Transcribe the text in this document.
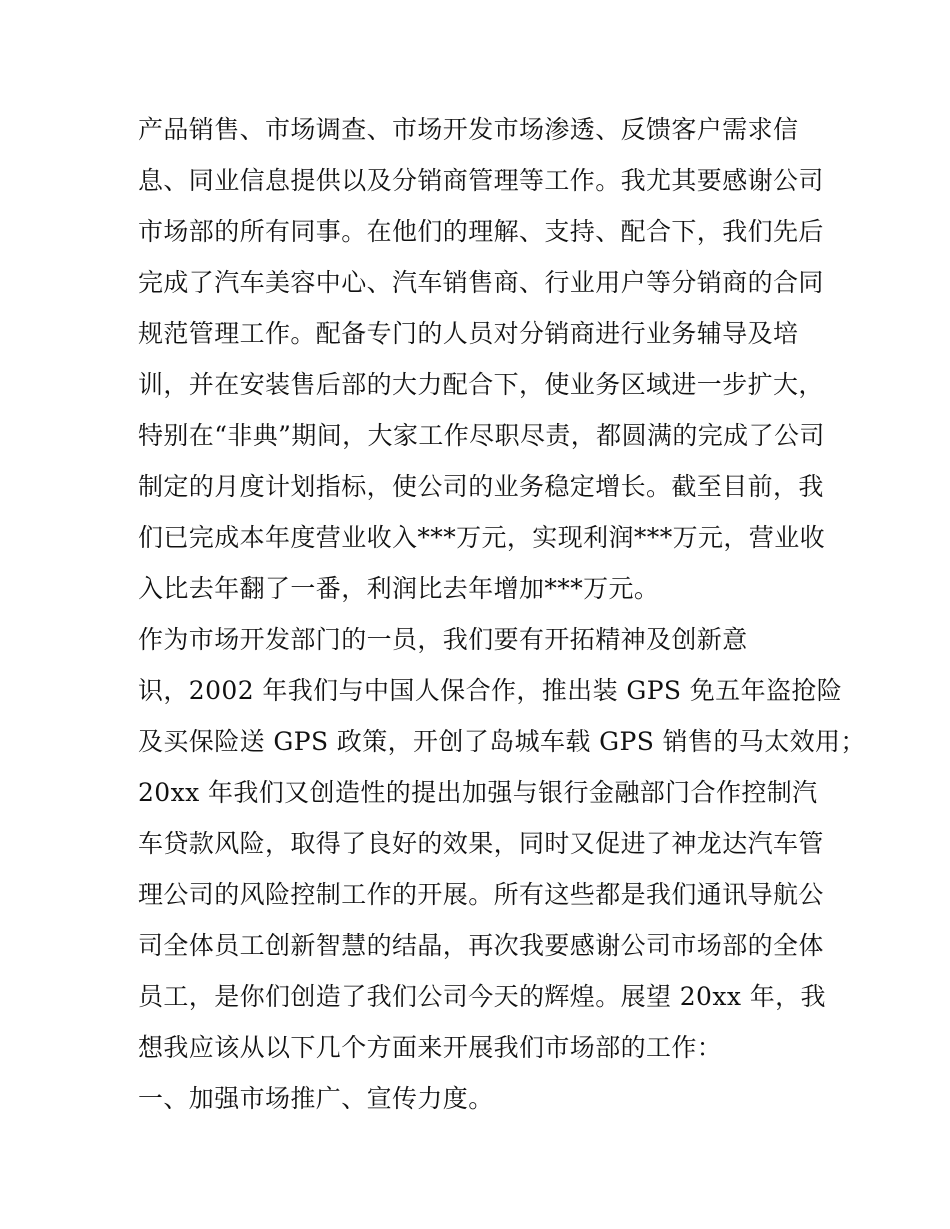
产品销售、市场调查、市场开发市场渗透、反馈客户需求信
息、同业信息提供以及分销商管理等工作。我尤其要感谢公司
市场部的所有同事。在他们的理解、支持、配合下，我们先后
完成了汽车美容中心、汽车销售商、行业用户等分销商的合同
规范管理工作。配备专门的人员对分销商进行业务辅导及培
训，并在安装售后部的大力配合下，使业务区域进一步扩大，
特别在“非典”期间，大家工作尽职尽责，都圆满的完成了公司
制定的月度计划指标，使公司的业务稳定增长。截至目前，我
们已完成本年度营业收入***万元，实现利润***万元，营业收
入比去年翻了一番，利润比去年增加***万元。
作为市场开发部门的一员，我们要有开拓精神及创新意
识，2002 年我们与中国人保合作，推出装 GPS 免五年盗抢险
及买保险送 GPS 政策，开创了岛城车载 GPS 销售的马太效用；
20xx 年我们又创造性的提出加强与银行金融部门合作控制汽
车贷款风险，取得了良好的效果，同时又促进了神龙达汽车管
理公司的风险控制工作的开展。所有这些都是我们通讯导航公
司全体员工创新智慧的结晶，再次我要感谢公司市场部的全体
员工，是你们创造了我们公司今天的辉煌。展望 20xx 年，我
想我应该从以下几个方面来开展我们市场部的工作：
一、加强市场推广、宣传力度。
